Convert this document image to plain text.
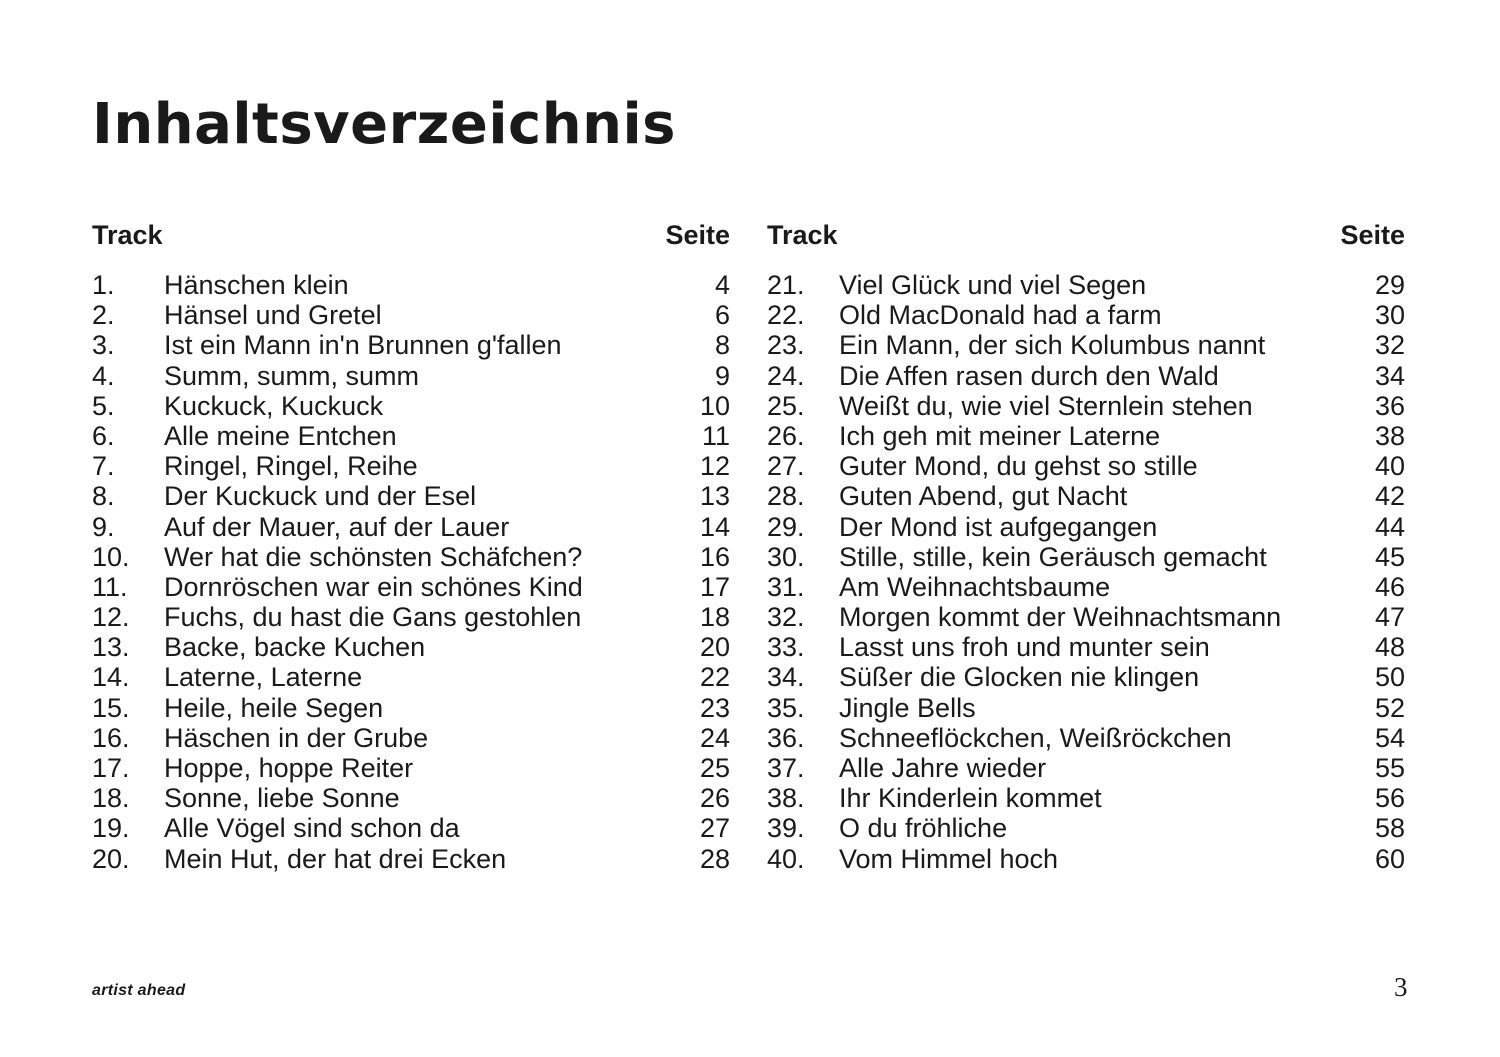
Inhaltsverzeichnis
Track	Seite
1. Hänschen klein	4
2. Hänsel und Gretel	6
3. Ist ein Mann in'n Brunnen g'fallen	8
4. Summ, summ, summ	9
5. Kuckuck, Kuckuck	10
6. Alle meine Entchen	11
7. Ringel, Ringel, Reihe	12
8. Der Kuckuck und der Esel	13
9. Auf der Mauer, auf der Lauer	14
10. Wer hat die schönsten Schäfchen?	16
11. Dornröschen war ein schönes Kind	17
12. Fuchs, du hast die Gans gestohlen	18
13. Backe, backe Kuchen	20
14. Laterne, Laterne	22
15. Heile, heile Segen	23
16. Häschen in der Grube	24
17. Hoppe, hoppe Reiter	25
18. Sonne, liebe Sonne	26
19. Alle Vögel sind schon da	27
20. Mein Hut, der hat drei Ecken	28
Track	Seite
21. Viel Glück und viel Segen	29
22. Old MacDonald had a farm	30
23. Ein Mann, der sich Kolumbus nannt	32
24. Die Affen rasen durch den Wald	34
25. Weißt du, wie viel Sternlein stehen	36
26. Ich geh mit meiner Laterne	38
27. Guter Mond, du gehst so stille	40
28. Guten Abend, gut Nacht	42
29. Der Mond ist aufgegangen	44
30. Stille, stille, kein Geräusch gemacht	45
31. Am Weihnachtsbaume	46
32. Morgen kommt der Weihnachtsmann	47
33. Lasst uns froh und munter sein	48
34. Süßer die Glocken nie klingen	50
35. Jingle Bells	52
36. Schneeflöckchen, Weißröckchen	54
37. Alle Jahre wieder	55
38. Ihr Kinderlein kommet	56
39. O du fröhliche	58
40. Vom Himmel hoch	60
artist ahead	3
